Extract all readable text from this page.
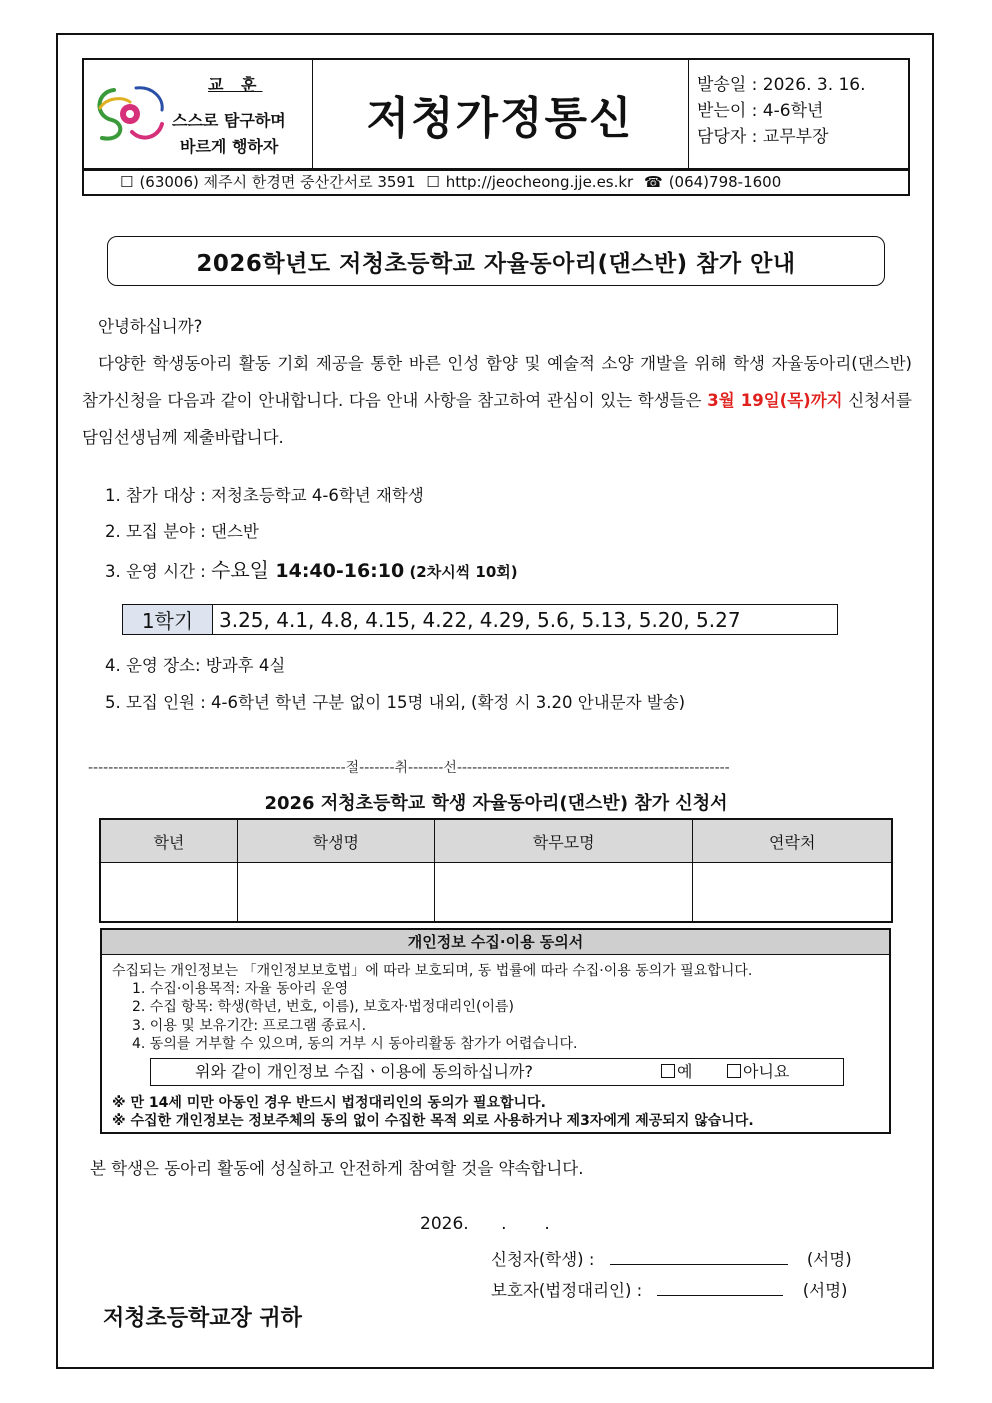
교 훈
스스로 탐구하며
바르게 행하자
저청가정통신
발송일 : 2026. 3. 16.
받는이 : 4-6학년
담당자 : 교무부장
☐ (63006) 제주시 한경면 중산간서로 3591 ☐ http://jeocheong.jje.es.kr ☎ (064)798-1600
2026학년도 저청초등학교 자율동아리(댄스반) 참가 안내
안녕하십니까?
다양한 학생동아리 활동 기회 제공을 통한 바른 인성 함양 및 예술적 소양 개발을 위해 학생 자율동아리(댄스반) 참가신청을 다음과 같이 안내합니다. 다음 안내 사항을 참고하여 관심이 있는 학생들은 3월 19일(목)까지 신청서를 담임선생님께 제출바랍니다.
1. 참가 대상 : 저청초등학교 4-6학년 재학생
2. 모집 분야 : 댄스반
3. 운영 시간 : 수요일 14:40-16:10 (2차시씩 10회)
1학기	3.25, 4.1, 4.8, 4.15, 4.22, 4.29, 5.6, 5.13, 5.20, 5.27
4. 운영 장소: 방과후 4실
5. 모집 인원 : 4-6학년 학년 구분 없이 15명 내외, (확정 시 3.20 안내문자 발송)
---------------------------------------------------절-------취-------선------------------------------------------------------
2026 저청초등학교 학생 자율동아리(댄스반) 참가 신청서
학년	학생명	학무모명	연락처

개인정보 수집·이용 동의서
수집되는 개인정보는 「개인정보보호법」에 따라 보호되며, 동 법률에 따라 수집·이용 동의가 필요합니다.
1. 수집·이용목적: 자율 동아리 운영
2. 수집 항목: 학생(학년, 번호, 이름), 보호자·법정대리인(이름)
3. 이용 및 보유기간: 프로그램 종료시.
4. 동의를 거부할 수 있으며, 동의 거부 시 동아리활동 참가가 어렵습니다.
위와 같이 개인정보 수집ㆍ이용에 동의하십니까?	예	아니요
※ 만 14세 미만 아동인 경우 반드시 법정대리인의 동의가 필요합니다.
※ 수집한 개인정보는 정보주체의 동의 없이 수집한 목적 외로 사용하거나 제3자에게 제공되지 않습니다.
본 학생은 동아리 활동에 성실하고 안전하게 참여할 것을 약속합니다.
2026.      .       .
신청자(학생) :	(서명)
보호자(법정대리인) :	(서명)
저청초등학교장 귀하
